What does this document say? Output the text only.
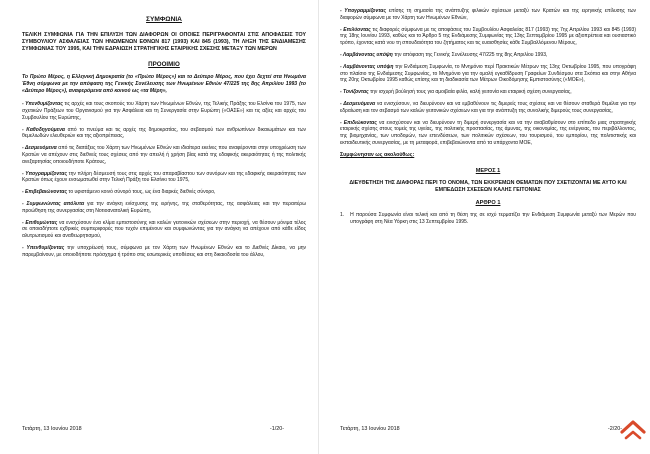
ΣΥΜΦΩΝΙΑ

ΤΕΛΙΚΗ ΣΥΜΦΩΝΙΑ ΓΙΑ ΤΗΝ ΕΠΙΛΥΣΗ ΤΩΝ ΔΙΑΦΟΡΩΝ ΟΙ ΟΠΟΙΕΣ ΠΕΡΙΓΡΑΦΟΝΤΑΙ ΣΤΙΣ ΑΠΟΦΑΣΕΙΣ ΤΟΥ ΣΥΜΒΟΥΛΙΟΥ ΑΣΦΑΛΕΙΑΣ ΤΩΝ ΗΝΩΜΕΝΩΝ ΕΘΝΩΝ 817 (1993) ΚΑΙ 845 (1993), ΤΗ ΛΗΞΗ ΤΗΣ ΕΝΔΙΑΜΕΣΗΣ ΣΥΜΦΩΝΙΑΣ ΤΟΥ 1995, ΚΑΙ ΤΗΝ ΕΔΡΑΙΩΣΗ ΣΤΡΑΤΗΓΙΚΗΣ ΕΤΑΙΡΙΚΗΣ ΣΧΕΣΗΣ ΜΕΤΑΞΥ ΤΩΝ ΜΕΡΩΝ

ΠΡΟΟΙΜΙΟ

Το Πρώτο Μέρος, η Ελληνική Δημοκρατία (το «Πρώτο Μέρος») και το Δεύτερο Μέρος, που έχει δεχτεί στα Ηνωμένα Έθνη σύμφωνα με την απόφαση της Γενικής Συνέλευσης των Ηνωμένων Εθνών 47/225 της 8ης Απριλίου 1993 (το «Δεύτερο Μέρος»), αναφερόμενα από κοινού ως «τα Μέρη»,

- Υπενθυμίζοντας τις αρχές και τους σκοπούς του Χάρτη των Ηνωμένων Εθνών, της Τελικής Πράξης του Ελσίνκι του 1975, των σχετικών Πράξεων του Οργανισμού για την Ασφάλεια και τη Συνεργασία στην Ευρώπη («ΟΑΣΕ») και τις αξίες και αρχές του Συμβουλίου της Ευρώπης,

- Καθοδηγούμενα από το πνεύμα και τις αρχές της δημοκρατίας, του σεβασμού των ανθρωπίνων δικαιωμάτων και των θεμελιωδών ελευθεριών και της αξιοπρέπειας,

- Δεσμευόμενα από τις διατάξεις του Χάρτη των Ηνωμένων Εθνών και ιδιαίτερα εκείνες που αναφέρονται στην υποχρέωση των Κρατών να απέχουν στις διεθνείς τους σχέσεις από την απειλή ή χρήση βίας κατά της εδαφικής ακεραιότητας ή της πολιτικής ανεξαρτησίας οποιουδήποτε Κράτους,

- Υπογραμμίζοντας την πλήρη δέσμευσή τους στις αρχές του απαραβίαστου των συνόρων και της εδαφικής ακεραιότητας των Κρατών όπως έχουν ενσωματωθεί στην Τελική Πράξη του Ελσίνκι του 1975,

- Επιβεβαιώνοντας το υφιστάμενο κοινό σύνορό τους, ως ένα διαρκές διεθνές σύνορο,

- Συμφωνώντας απόλυτα για την ανάγκη ενίσχυσης της ειρήνης, της σταθερότητας, της ασφάλειας και την περαιτέρω προώθηση της συνεργασίας στη Νοτιοανατολική Ευρώπη,

- Επιθυμώντας να ενισχύσουν ένα κλίμα εμπιστοσύνης και καλών γειτονικών σχέσεων στην περιοχή, να θέσουν μόνιμα τέλος σε οποιαδήποτε εχθρικές συμπεριφορές που τυχόν επιμένουν και συμφωνώντας για την ανάγκη να απέχουν από κάθε είδος αλυτρωτισμού και αναθεωρητισμού,

- Υπενθυμίζοντας την υποχρέωσή τους, σύμφωνα με τον Χάρτη των Ηνωμένων Εθνών και το Διεθνές Δίκαιο, να μην παρεμβαίνουν, με οποιοδήποτε πρόσχημα ή τρόπο στις εσωτερικές υποθέσεις και στη δικαιοδοσία του άλλου,

Τετάρτη, 13 Ιουνίου 2018	-1/20-

- Υπογραμμίζοντας επίσης τη σημασία της ανάπτυξης φιλικών σχέσεων μεταξύ των Κρατών και της ειρηνικής επίλυσης των διαφορών σύμφωνα με τον Χάρτη των Ηνωμένων Εθνών,

- Επιλύοντας τις διαφορές σύμφωνα με τις αποφάσεις του Συμβουλίου Ασφαλείας 817 (1993) της 7ης Απριλίου 1993 και 845 (1993) της 18ης Ιουνίου 1993, καθώς και το Άρθρο 5 της Ενδιάμεσης Συμφωνίας της 13ης Σεπτεμβρίου 1995 με αξιοπρέπεια και ουσιαστικό τρόπο, έχοντας κατά νου τη σπουδαιότητα του ζητήματος και τις ευαισθησίες κάθε Συμβαλλόμενου Μέρους,

- Λαμβάνοντας υπόψη την απόφαση της Γενικής Συνέλευσης 47/225 της 8ης Απριλίου 1993,

- Λαμβάνοντας υπόψη την Ενδιάμεση Συμφωνία, το Μνημόνιο περί Πρακτικών Μέτρων της 13ης Οκτωβρίου 1995, που υπογράφη στο πλαίσιο της Ενδιάμεσης Συμφωνίας, το Μνημόνιο για την ομαλή εγκαθίδρυση Γραφείων Συνδέσμου στα Σκόπια και στην Αθήνα της 20ης Οκτωβρίου 1995 καθώς επίσης και τη διαδικασία των Μέτρων Οικοδόμησης Εμπιστοσύνης («ΜΟΕ»),

- Τονίζοντας την ισχυρή βούλησή τους για αμοιβαία φιλία, καλή γειτονία και εταιρική σχέση συνεργασίας,

- Δεσμευόμενα να ενισχύσουν, να διευρύνουν και να εμβαθύνουν τις διμερείς τους σχέσεις και να θέσουν σταθερά θεμέλια για την εδραίωση και τον σεβασμό των καλών γειτονικών σχέσεων και για την ανάπτυξη της συνολικής διμερούς τους συνεργασίας,

- Επιδιώκοντας να ενισχύσουν και να διευρύνουν τη διμερή συνεργασία και να την αναβαθμίσουν στο επίπεδο μιας στρατηγικής εταιρικής σχέσης στους τομείς της υγείας, της πολιτικής προστασίας, της άμυνας, της οικονομίας, της ενέργειας, του περιβάλλοντος, της βιομηχανίας, των υποδομών, των επενδύσεων, των πολιτικών σχέσεων, του τουρισμού, του εμπορίου, της πολιτιστικής και εκπαιδευτικής συνεργασίας, με τη μεταφορά, επιβεβαιώνοντα από τα υπάρχοντα ΜΟΕ,

Συμφώνησαν ως ακολούθως:
ΜΕΡΟΣ 1
ΔΙΕΥΘΕΤΗΣΗ ΤΗΣ ΔΙΑΦΟΡΑΣ ΠΕΡΙ ΤΟ ΟΝΟΜΑ, ΤΩΝ ΕΚΚΡΕΜΩΝ ΘΕΜΑΤΩΝ ΠΟΥ ΣΧΕΤΙΖΟΝΤΑΙ ΜΕ ΑΥΤΟ ΚΑΙ ΕΜΠΕΔΩΣΗ ΣΧΕΣΕΩΝ ΚΑΛΗΣ ΓΕΙΤΟΝΙΑΣ
ΑΡΘΡΟ 1
1. Η παρούσα Συμφωνία είναι τελική και από τη θέση της σε ισχύ τερματίζει την Ενδιάμεση Συμφωνία μεταξύ των Μερών που υπογράφη στη Νέα Υόρκη στις 13 Σεπτεμβρίου 1995.
Τετάρτη, 13 Ιουνίου 2018	-2/20-
